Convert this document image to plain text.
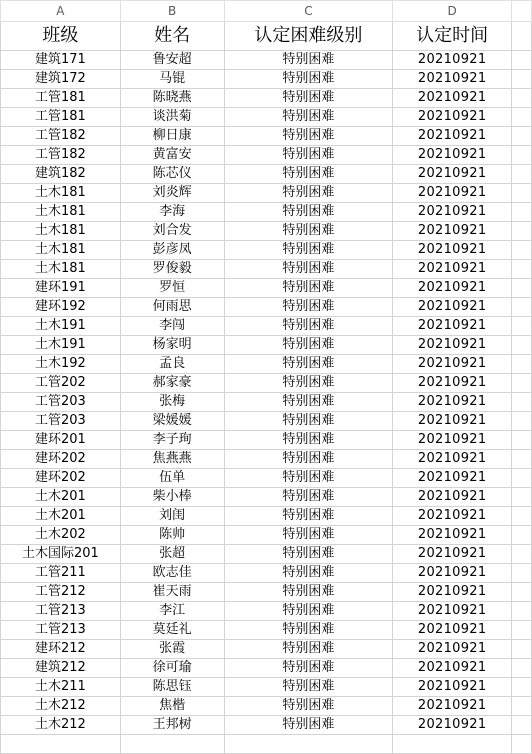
A	B	C	D	
班级	姓名	认定困难级别	认定时间	
建筑171	鲁安超	特别困难	20210921	
建筑172	马锟	特别困难	20210921	
工管181	陈晓燕	特别困难	20210921	
工管181	谈洪菊	特别困难	20210921	
工管182	柳日康	特别困难	20210921	
工管182	黄富安	特别困难	20210921	
建筑182	陈芯仪	特别困难	20210921	
土木181	刘炎辉	特别困难	20210921	
土木181	李海	特别困难	20210921	
土木181	刘合发	特别困难	20210921	
土木181	彭彦凤	特别困难	20210921	
土木181	罗俊毅	特别困难	20210921	
建环191	罗恒	特别困难	20210921	
建环192	何雨思	特别困难	20210921	
土木191	李闯	特别困难	20210921	
土木191	杨家明	特别困难	20210921	
土木192	孟良	特别困难	20210921	
工管202	郝家豪	特别困难	20210921	
工管203	张梅	特别困难	20210921	
工管203	梁媛媛	特别困难	20210921	
建环201	李子珣	特别困难	20210921	
建环202	焦燕燕	特别困难	20210921	
建环202	伍单	特别困难	20210921	
土木201	柴小棒	特别困难	20210921	
土木201	刘闺	特别困难	20210921	
土木202	陈帅	特别困难	20210921	
土木国际201	张超	特别困难	20210921	
工管211	欧志佳	特别困难	20210921	
工管212	崔天雨	特别困难	20210921	
工管213	李江	特别困难	20210921	
工管213	莫廷礼	特别困难	20210921	
建环212	张霞	特别困难	20210921	
建筑212	徐可瑜	特别困难	20210921	
土木211	陈思钰	特别困难	20210921	
土木212	焦楷	特别困难	20210921	
土木212	王邦树	特别困难	20210921	
